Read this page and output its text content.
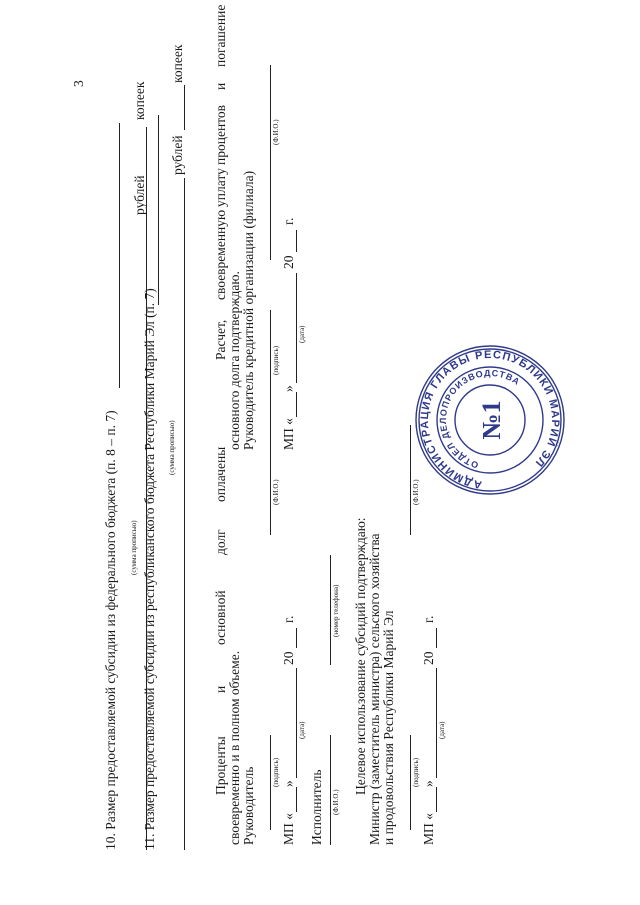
3
10. Размер предоставляемой субсидии из федерального бюджета (п. 8 – п. 7) (сумма прописью)
рублей
копеек
11. Размер предоставляемой субсидии из республиканского бюджета Республики Марий Эл (п. 7) (сумма прописью)
рублей
копеек
Проценты
и
основной
долг
оплачены
своевременно и в полном объеме. Руководитель (подпись)
(Ф.И.О.)
МП «
»
(дата)
20
г.
Исполнитель (Ф.И.О.)
(номер телефона) Целевое использование субсидий подтверждаю: Министр (заместитель министра) сельского хозяйства и продовольствия Республики Марий Эл (подпись)
(Ф.И.О.)
МП «
»
(дата)
20
г.
Расчет,
своевременную
уплату
процентов
и
погашение
основного долга подтверждаю. Руководитель кредитной организации (филиала) (подпись)
(Ф.И.О.)
МП «
»
(дата)
20
г.
АДМИНИСТРАЦИЯ ГЛАВЫ РЕСПУБЛИКИ МАРИЙ ЭЛ
ОТДЕЛ ДЕЛОПРОИЗВОДСТВА
№1
